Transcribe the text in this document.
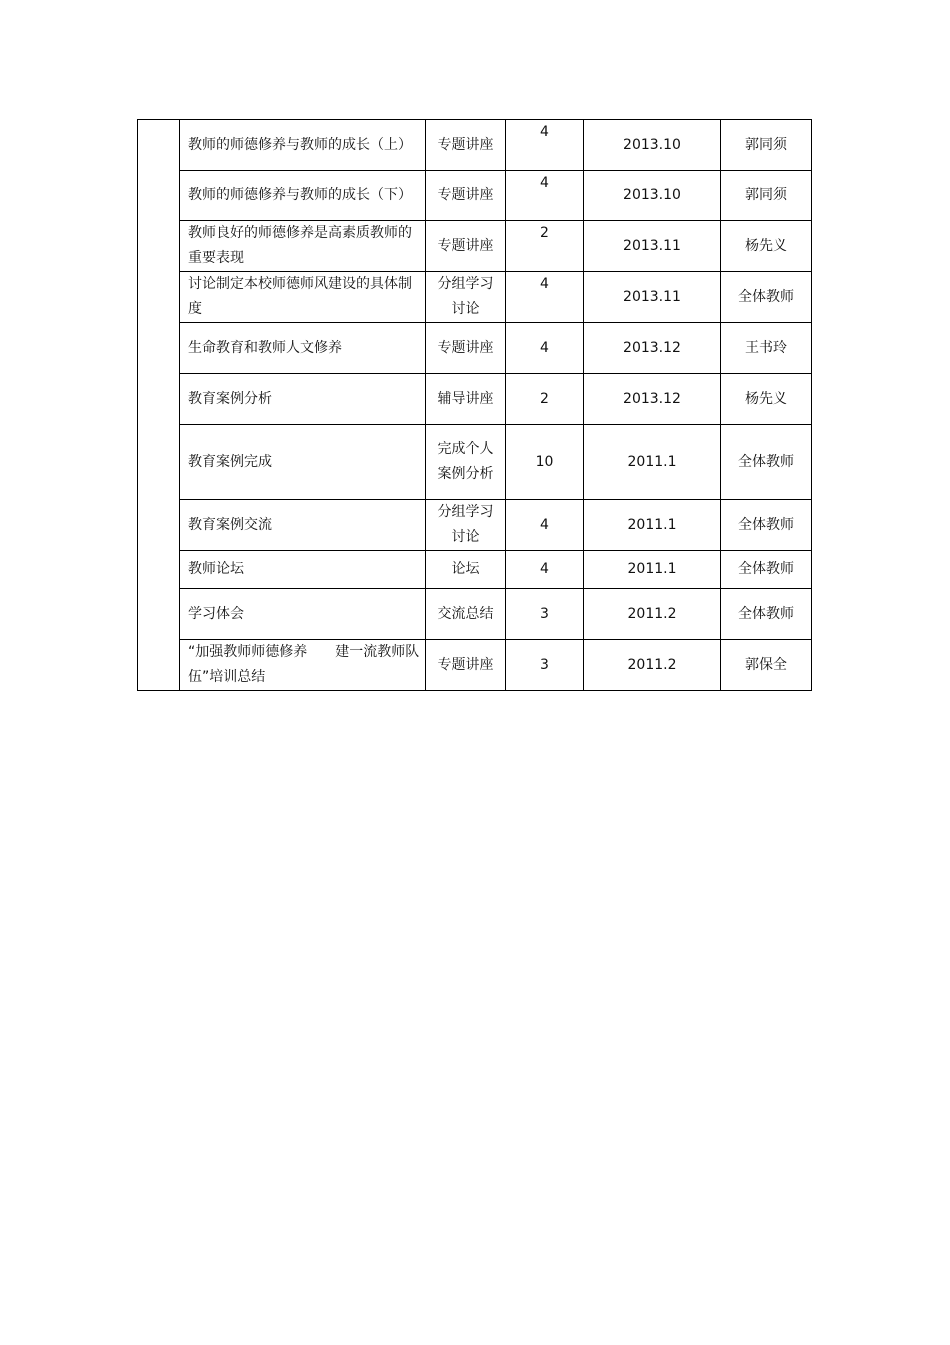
	教师的师德修养与教师的成长（上）	专题讲座	4	2013.10	郭同须
	教师的师德修养与教师的成长（下）	专题讲座	4	2013.10	郭同须
	教师良好的师德修养是高素质教师的重要表现	专题讲座	2	2013.11	杨先义
	讨论制定本校师德师风建设的具体制度	分组学习讨论	4	2013.11	全体教师
	生命教育和教师人文修养	专题讲座	4	2013.12	王书玲
	教育案例分析	辅导讲座	2	2013.12	杨先义
	教育案例完成	完成个人案例分析	10	2011.1	全体教师
	教育案例交流	分组学习讨论	4	2011.1	全体教师
	教师论坛	论坛	4	2011.1	全体教师
	学习体会	交流总结	3	2011.2	全体教师
	“加强教师师德修养　　建一流教师队伍”培训总结	专题讲座	3	2011.2	郭保全
